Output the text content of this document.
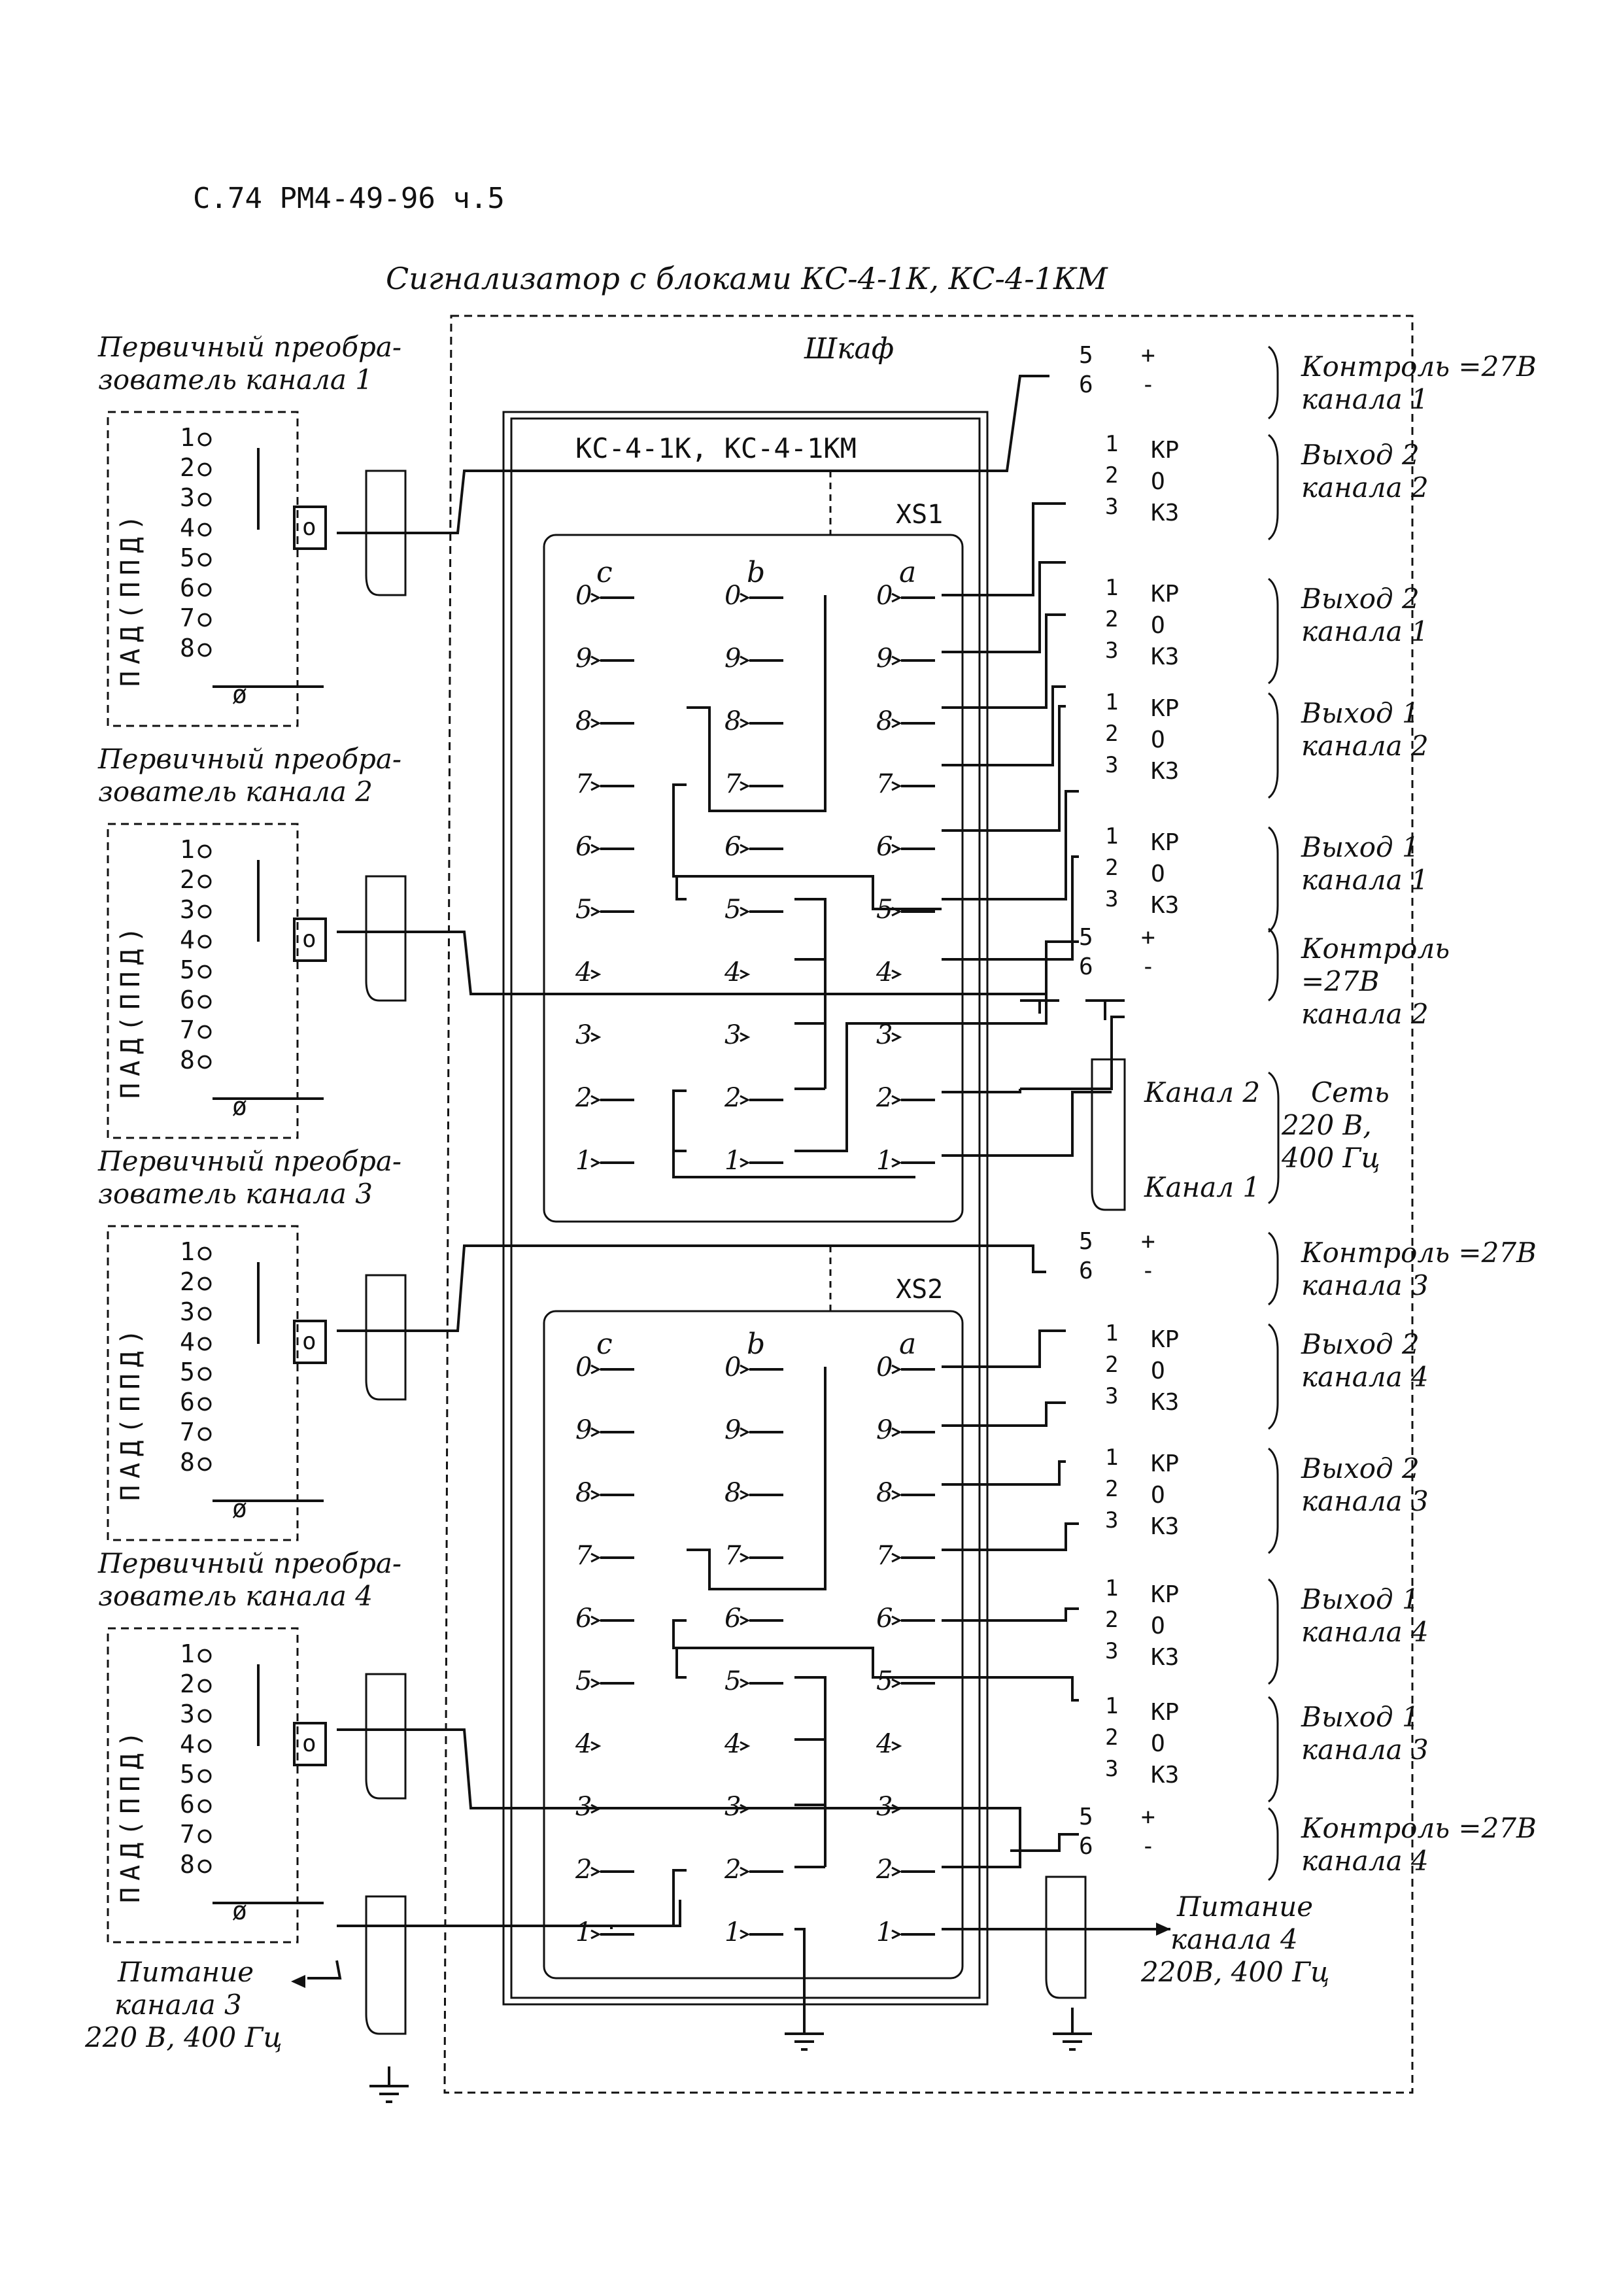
С.74 РМ4-49-96 ч.5
Сигнализатор с блоками КС-4-1К, КС-4-1КМ
Шкаф
КС-4-1К, КС-4-1КМ
XS1
c	b	a
XS2
c	b	a
0	0	0
9	9	9
8	8	8
7	7	7
6	6	6
5	5	5
4	4	4
3	3	3
2	2	2
1	1	1
0	0	0
9	9	9
8	8	8
7	7	7
6	6	6
5	5	5
4	4	4
3	3	3
2	2	2
1	1	1
Первичный преобра-
зователь канала 1
ПАД(ППД)
1
2
3
4
5
6
7
8
o
ø
Первичный преобра-
зователь канала 2
ПАД(ППД)
1
2
3
4
5
6
7
8
o
ø
Первичный преобра-
зователь канала 3
ПАД(ППД)
1
2
3
4
5
6
7
8
o
ø
Первичный преобра-
зователь канала 4
ПАД(ППД)
1
2
3
4
5
6
7
8
o
ø
5
6
+
-
Контроль =27В
канала 1
1 КР
2 О
3 КЗ
Выход 2
канала 2
1 КР
2 О
3 КЗ
Выход 2
канала 1
1 КР
2 О
3 КЗ
Выход 1
канала 2
1 КР
2 О
3 КЗ
Выход 1
канала 1
5
6
+
-
Контроль
=27В
канала 2
5
6
+
-
Контроль =27В
канала 3
1 КР
2 О
3 КЗ
Выход 2
канала 4
1 КР
2 О
3 КЗ
Выход 2
канала 3
1 КР
2 О
3 КЗ
Выход 1
канала 4
1 КР
2 О
3 КЗ
Выход 1
канала 3
5
6
+
-
Контроль =27В
канала 4
Канал 2
Канал 1
Сеть
220 В,
400 Гц
Питание
канала 4
220В, 400 Гц
Питание
канала 3
220 В, 400 Гц
